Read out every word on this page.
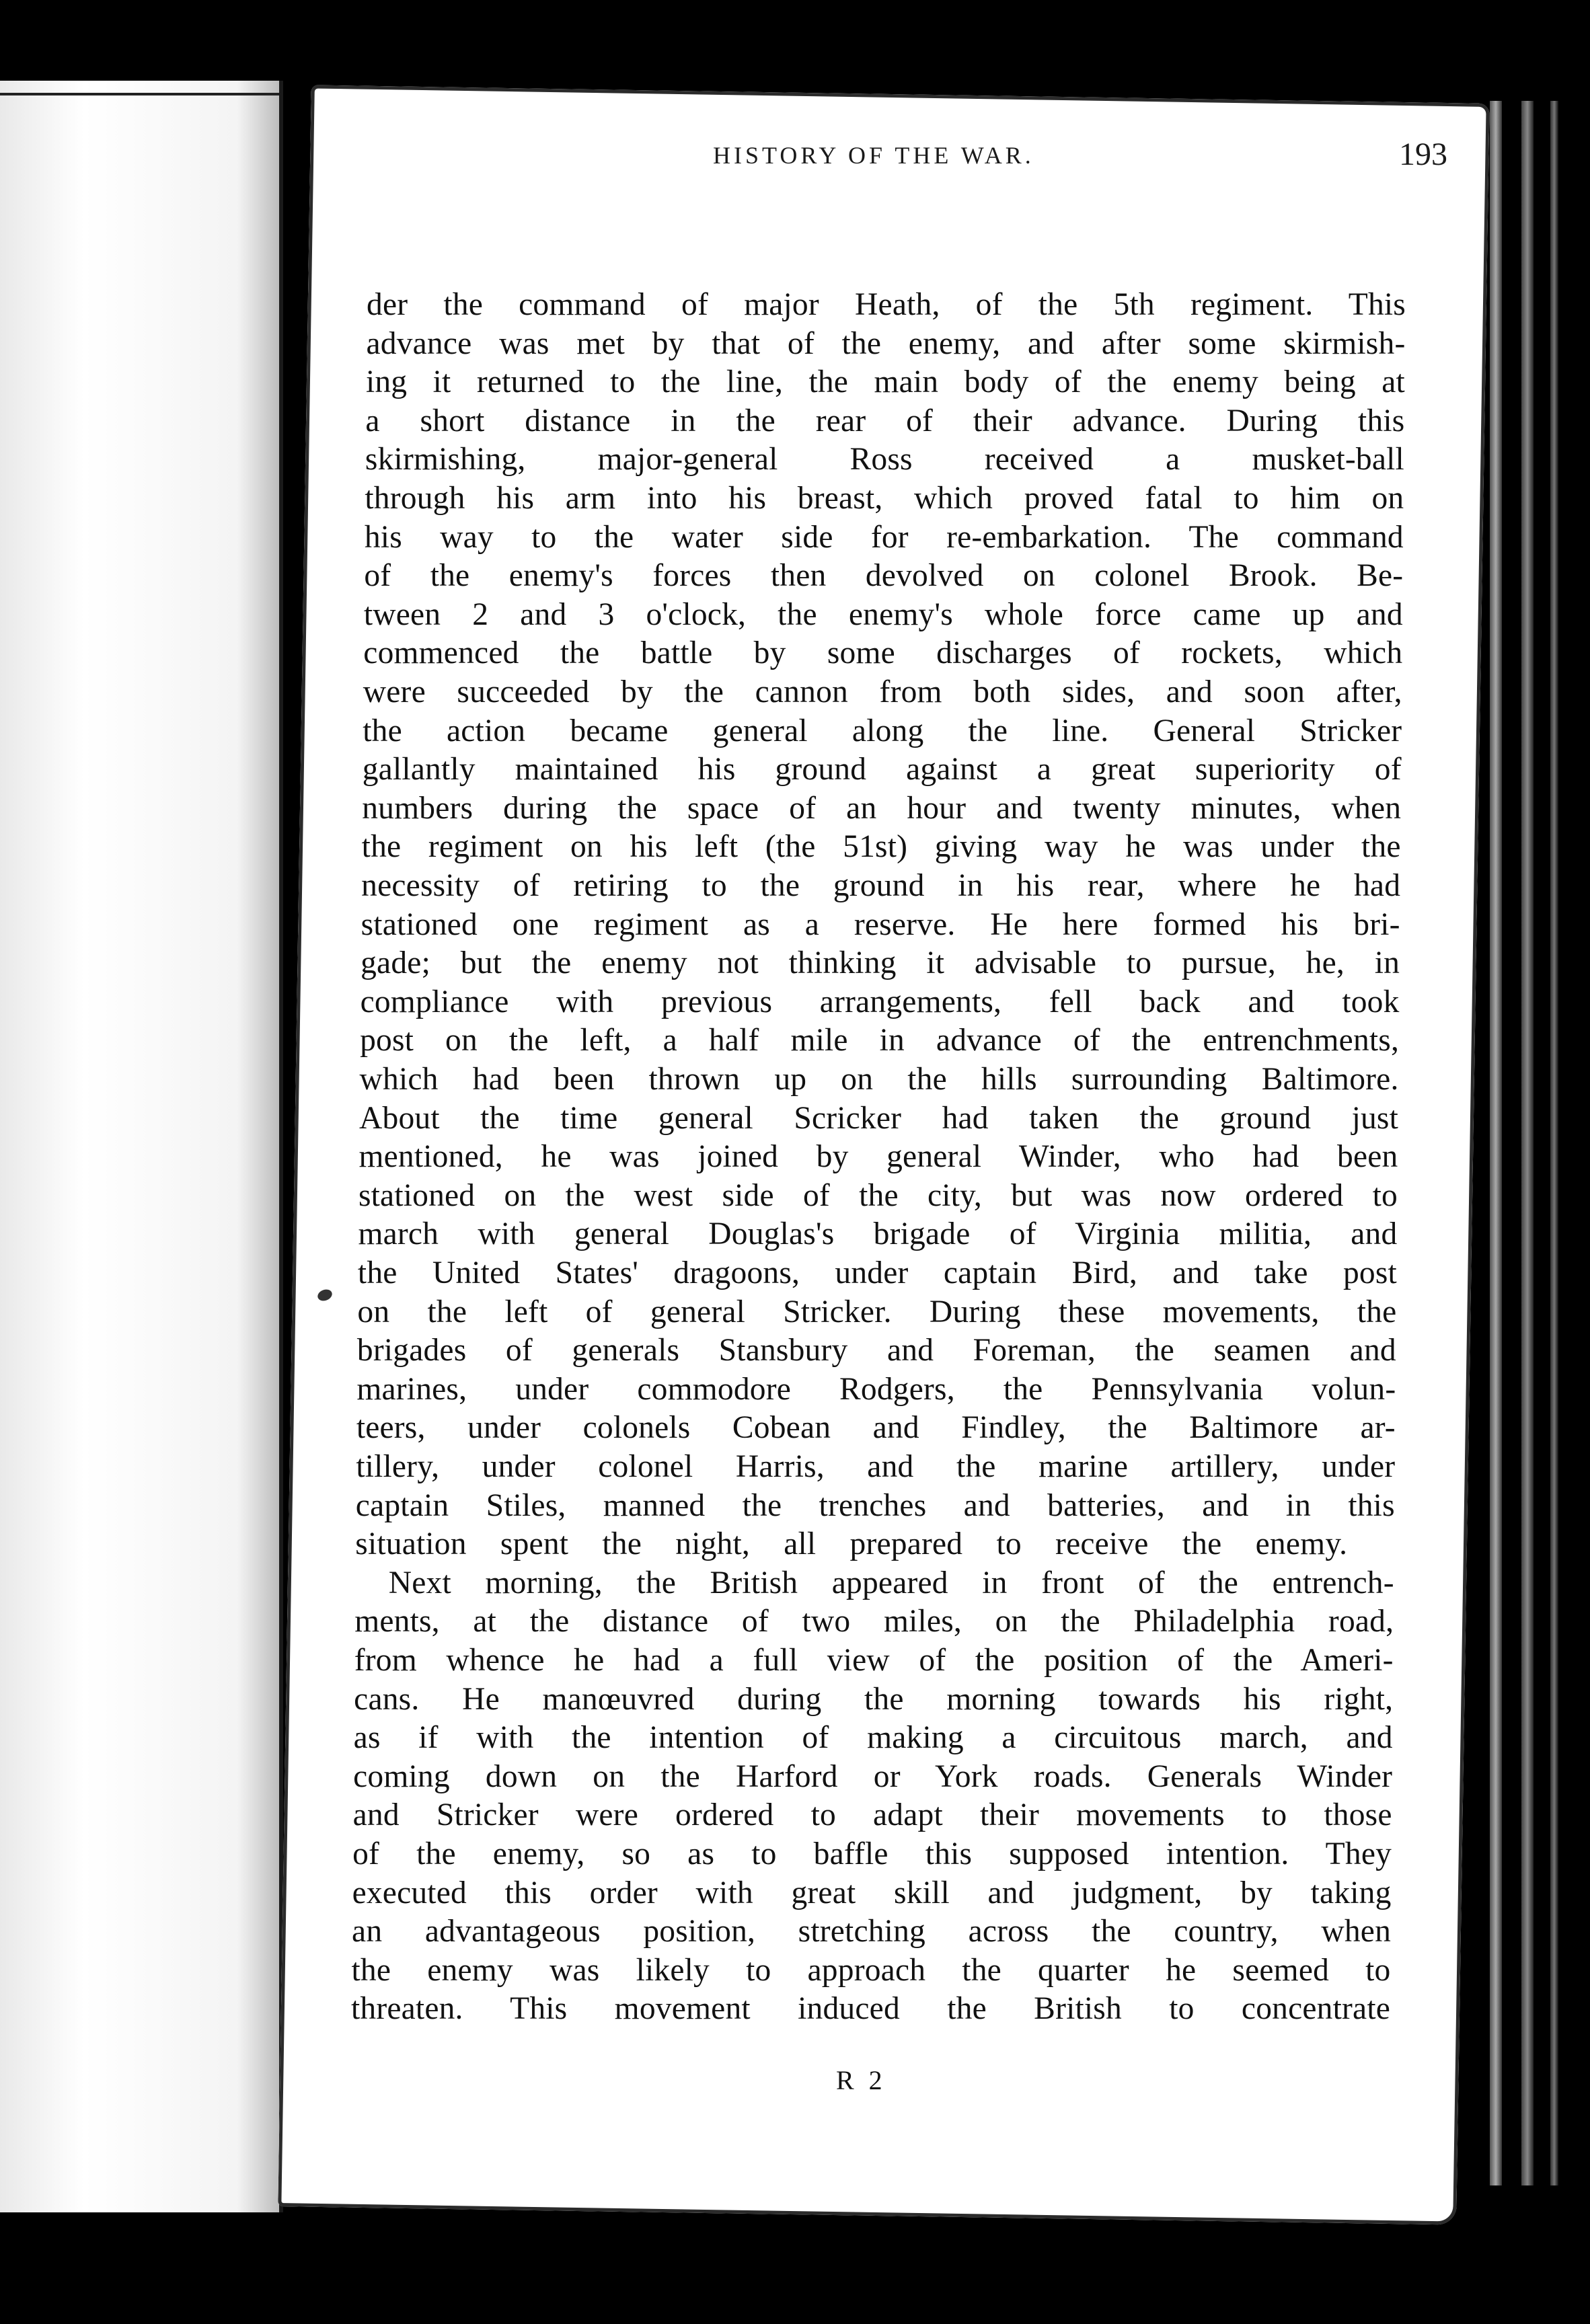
HISTORY OF THE WAR.	193
der the command of major Heath, of the 5th regiment. This
advance was met by that of the enemy, and after some skirmish-
ing it returned to the line, the main body of the enemy being at
a short distance in the rear of their advance. During this
skirmishing, major-general Ross received a musket-ball
through his arm into his breast, which proved fatal to him on
his way to the water side for re-embarkation. The command
of the enemy's forces then devolved on colonel Brook. Be-
tween 2 and 3 o'clock, the enemy's whole force came up and
commenced the battle by some discharges of rockets, which
were succeeded by the cannon from both sides, and soon after,
the action became general along the line. General Stricker
gallantly maintained his ground against a great superiority of
numbers during the space of an hour and twenty minutes, when
the regiment on his left (the 51st) giving way he was under the
necessity of retiring to the ground in his rear, where he had
stationed one regiment as a reserve. He here formed his bri-
gade; but the enemy not thinking it advisable to pursue, he, in
compliance with previous arrangements, fell back and took
post on the left, a half mile in advance of the entrenchments,
which had been thrown up on the hills surrounding Baltimore.
About the time general Scricker had taken the ground just
mentioned, he was joined by general Winder, who had been
stationed on the west side of the city, but was now ordered to
march with general Douglas's brigade of Virginia militia, and
the United States' dragoons, under captain Bird, and take post
on the left of general Stricker. During these movements, the
brigades of generals Stansbury and Foreman, the seamen and
marines, under commodore Rodgers, the Pennsylvania volun-
teers, under colonels Cobean and Findley, the Baltimore ar-
tillery, under colonel Harris, and the marine artillery, under
captain Stiles, manned the trenches and batteries, and in this
situation spent the night, all prepared to receive the enemy.
Next morning, the British appeared in front of the entrench-
ments, at the distance of two miles, on the Philadelphia road,
from whence he had a full view of the position of the Ameri-
cans. He manœuvred during the morning towards his right,
as if with the intention of making a circuitous march, and
coming down on the Harford or York roads. Generals Winder
and Stricker were ordered to adapt their movements to those
of the enemy, so as to baffle this supposed intention. They
executed this order with great skill and judgment, by taking
an advantageous position, stretching across the country, when
the enemy was likely to approach the quarter he seemed to
threaten. This movement induced the British to concentrate
R 2
